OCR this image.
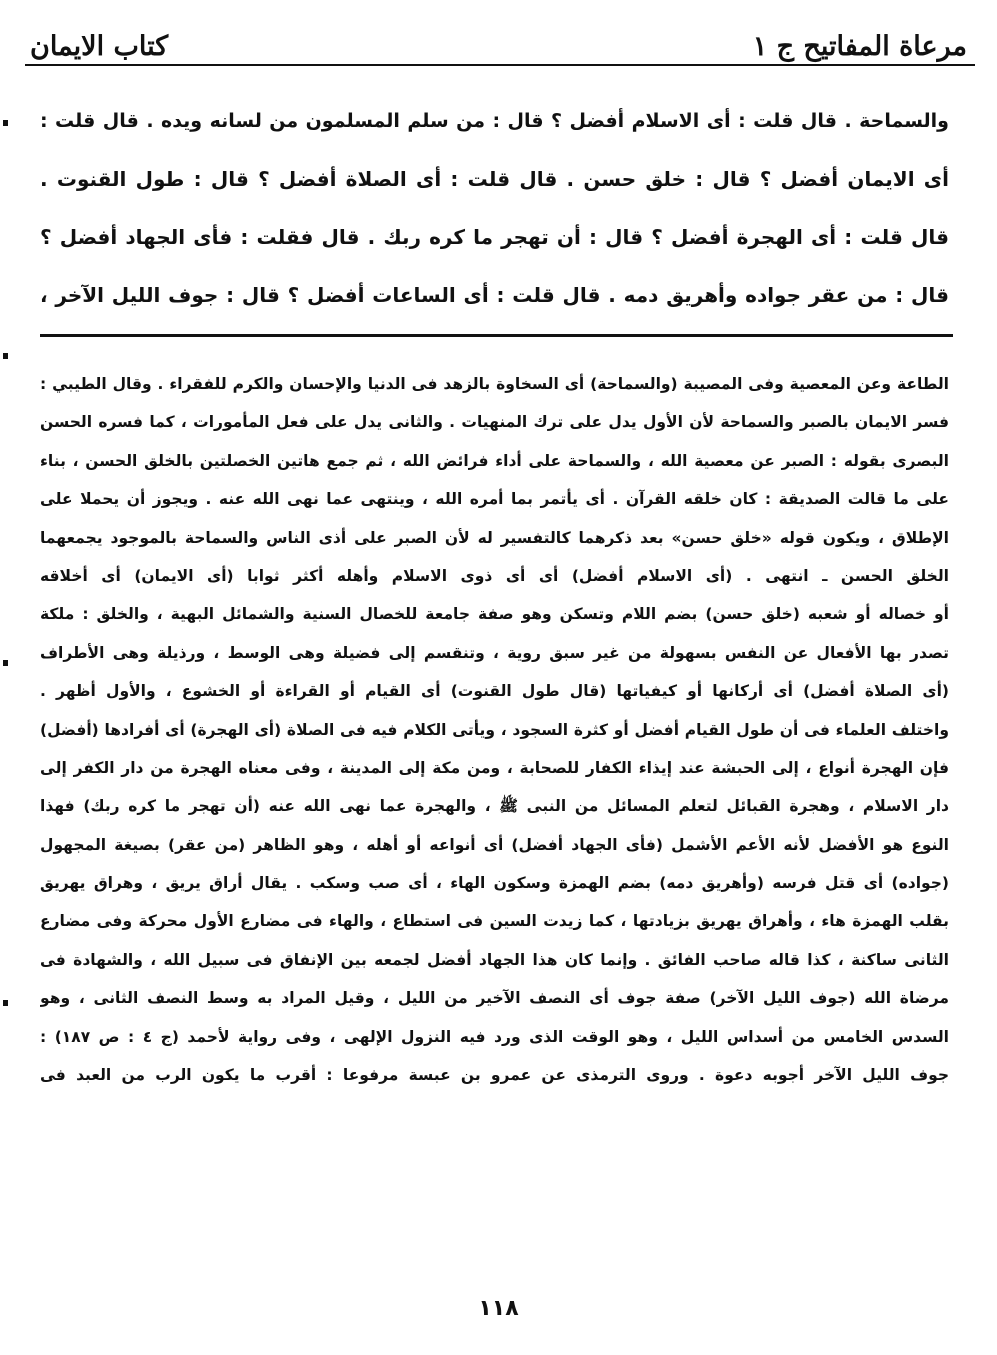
مرعاة المفاتيح ج ١
كتاب الايمان
والسماحة . قال قلت : أى الاسلام أفضل ؟ قال : من سلم المسلمون من لسانه ويده . قال قلت :
أى الايمان أفضل ؟ قال : خلق حسن . قال قلت : أى الصلاة أفضل ؟ قال : طول القنوت .
قال قلت : أى الهجرة أفضل ؟ قال : أن تهجر ما كره ربك . قال فقلت : فأى الجهاد أفضل ؟
قال : من عقر جواده وأهريق دمه . قال قلت : أى الساعات أفضل ؟ قال : جوف الليل الآخر ،
الطاعة وعن المعصية وفى المصيبة (والسماحة) أى السخاوة بالزهد فى الدنيا والإحسان والكرم للفقراء . وقال الطيبي :
فسر الايمان بالصبر والسماحة لأن الأول يدل على ترك المنهيات . والثانى يدل على فعل المأمورات ، كما فسره الحسن
البصرى بقوله : الصبر عن معصية الله ، والسماحة على أداء فرائض الله ، ثم جمع هاتين الخصلتين بالخلق الحسن ، بناء
على ما قالت الصديقة : كان خلقه القرآن . أى يأتمر بما أمره الله ، وينتهى عما نهى الله عنه . ويجوز أن يحملا على
الإطلاق ، ويكون قوله «خلق حسن» بعد ذكرهما كالتفسير له لأن الصبر على أذى الناس والسماحة بالموجود يجمعهما
الخلق الحسن ـ انتهى . (أى الاسلام أفضل) أى أى ذوى الاسلام وأهله أكثر ثوابا (أى الايمان) أى أخلاقه
أو خصاله أو شعبه (خلق حسن) بضم اللام وتسكن وهو صفة جامعة للخصال السنية والشمائل البهية ، والخلق : ملكة
تصدر بها الأفعال عن النفس بسهولة من غير سبق روية ، وتنقسم إلى فضيلة وهى الوسط ، ورذيلة وهى الأطراف
(أى الصلاة أفضل) أى أركانها أو كيفياتها (قال طول القنوت) أى القيام أو القراءة أو الخشوع ، والأول أظهر .
واختلف العلماء فى أن طول القيام أفضل أو كثرة السجود ، ويأتى الكلام فيه فى الصلاة (أى الهجرة) أى أفرادها (أفضل)
فإن الهجرة أنواع ، إلى الحبشة عند إيذاء الكفار للصحابة ، ومن مكة إلى المدينة ، وفى معناه الهجرة من دار الكفر إلى
دار الاسلام ، وهجرة القبائل لتعلم المسائل من النبى ﷺ ، والهجرة عما نهى الله عنه (أن تهجر ما كره ربك) فهذا
النوع هو الأفضل لأنه الأعم الأشمل (فأى الجهاد أفضل) أى أنواعه أو أهله ، وهو الظاهر (من عقر) بصيغة المجهول
(جواده) أى قتل فرسه (وأهريق دمه) بضم الهمزة وسكون الهاء ، أى صب وسكب . يقال أراق يريق ، وهراق يهريق
بقلب الهمزة هاء ، وأهراق يهريق بزيادتها ، كما زيدت السين فى استطاع ، والهاء فى مضارع الأول محركة وفى مضارع
الثانى ساكنة ، كذا قاله صاحب الفائق . وإنما كان هذا الجهاد أفضل لجمعه بين الإنفاق فى سبيل الله ، والشهادة فى
مرضاة الله (جوف الليل الآخر) صفة جوف أى النصف الآخير من الليل ، وقيل المراد به وسط النصف الثانى ، وهو
السدس الخامس من أسداس الليل ، وهو الوقت الذى ورد فيه النزول الإلهى ، وفى رواية لأحمد (ج ٤ : ص ١٨٧) :
جوف الليل الآخر أجوبه دعوة . وروى الترمذى عن عمرو بن عبسة مرفوعا : أقرب ما يكون الرب من العبد فى
١١٨
